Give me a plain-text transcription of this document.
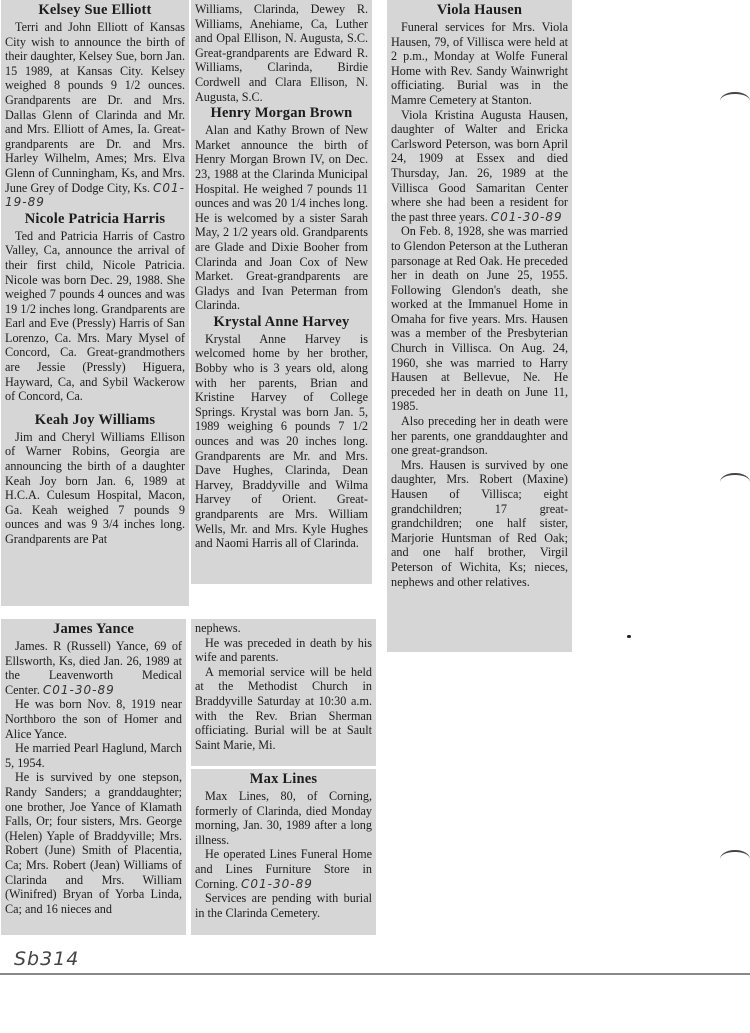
Kelsey Sue Elliott

Terri and John Elliott of Kansas City wish to announce the birth of their daughter, Kelsey Sue, born Jan. 15 1989, at Kansas City. Kelsey weighed 8 pounds 9 1/2 ounces. Grandparents are Dr. and Mrs. Dallas Glenn of Clarinda and Mr. and Mrs. Elliott of Ames, Ia. Great-grandparents are Dr. and Mrs. Harley Wilhelm, Ames; Mrs. Elva Glenn of Cunningham, Ks, and Mrs. June Grey of Dodge City, Ks. C01-19-89

Nicole Patricia Harris

Ted and Patricia Harris of Castro Valley, Ca, announce the arrival of their first child, Nicole Patricia. Nicole was born Dec. 29, 1988. She weighed 7 pounds 4 ounces and was 19 1/2 inches long. Grandparents are Earl and Eve (Pressly) Harris of San Lorenzo, Ca. Mrs. Mary Mysel of Concord, Ca. Great-grandmothers are Jessie (Pressly) Higuera, Hayward, Ca, and Sybil Wackerow of Concord, Ca.

Keah Joy Williams

Jim and Cheryl Williams Ellison of Warner Robins, Georgia are announcing the birth of a daughter Keah Joy born Jan. 6, 1989 at H.C.A. Culesum Hospital, Macon, Ga. Keah weighed 7 pounds 9 ounces and was 9 3/4 inches long. Grandparents are Pat

Williams, Clarinda, Dewey R. Williams, Anehiame, Ca, Luther and Opal Ellison, N. Augusta, S.C. Great-grandparents are Edward R. Williams, Clarinda, Birdie Cordwell and Clara Ellison, N. Augusta, S.C.

Henry Morgan Brown

Alan and Kathy Brown of New Market announce the birth of Henry Morgan Brown IV, on Dec. 23, 1988 at the Clarinda Municipal Hospital. He weighed 7 pounds 11 ounces and was 20 1/4 inches long. He is welcomed by a sister Sarah May, 2 1/2 years old. Grandparents are Glade and Dixie Booher from Clarinda and Joan Cox of New Market. Great-grandparents are Gladys and Ivan Peterman from Clarinda.

Krystal Anne Harvey

Krystal Anne Harvey is welcomed home by her brother, Bobby who is 3 years old, along with her parents, Brian and Kristine Harvey of College Springs. Krystal was born Jan. 5, 1989 weighing 6 pounds 7 1/2 ounces and was 20 inches long. Grandparents are Mr. and Mrs. Dave Hughes, Clarinda, Dean Harvey, Braddyville and Wilma Harvey of Orient. Great-grandparents are Mrs. William Wells, Mr. and Mrs. Kyle Hughes and Naomi Harris all of Clarinda.

Viola Hausen

Funeral services for Mrs. Viola Hausen, 79, of Villisca were held at 2 p.m., Monday at Wolfe Funeral Home with Rev. Sandy Wainwright officiating. Burial was in the Mamre Cemetery at Stanton.

Viola Kristina Augusta Hausen, daughter of Walter and Ericka Carlsword Peterson, was born April 24, 1909 at Essex and died Thursday, Jan. 26, 1989 at the Villisca Good Samaritan Center where she had been a resident for the past three years. C01-30-89

On Feb. 8, 1928, she was married to Glendon Peterson at the Lutheran parsonage at Red Oak. He preceded her in death on June 25, 1955. Following Glendon's death, she worked at the Immanuel Home in Omaha for five years. Mrs. Hausen was a member of the Presbyterian Church in Villisca. On Aug. 24, 1960, she was married to Harry Hausen at Bellevue, Ne. He preceded her in death on June 11, 1985.

Also preceding her in death were her parents, one granddaughter and one great-grandson.

Mrs. Hausen is survived by one daughter, Mrs. Robert (Maxine) Hausen of Villisca; eight grandchildren; 17 great-grandchildren; one half sister, Marjorie Huntsman of Red Oak; and one half brother, Virgil Peterson of Wichita, Ks; nieces, nephews and other relatives.

James Yance

James. R (Russell) Yance, 69 of Ellsworth, Ks, died Jan. 26, 1989 at the Leavenworth Medical Center. C01-30-89

He was born Nov. 8, 1919 near Northboro the son of Homer and Alice Yance.

He married Pearl Haglund, March 5, 1954.

He is survived by one stepson, Randy Sanders; a granddaughter; one brother, Joe Yance of Klamath Falls, Or; four sisters, Mrs. George (Helen) Yaple of Braddyville; Mrs. Robert (June) Smith of Placentia, Ca; Mrs. Robert (Jean) Williams of Clarinda and Mrs. William (Winifred) Bryan of Yorba Linda, Ca; and 16 nieces and

nephews.

He was preceded in death by his wife and parents.

A memorial service will be held at the Methodist Church in Braddyville Saturday at 10:30 a.m. with the Rev. Brian Sherman officiating. Burial will be at Sault Saint Marie, Mi.

Max Lines

Max Lines, 80, of Corning, formerly of Clarinda, died Monday morning, Jan. 30, 1989 after a long illness.

He operated Lines Funeral Home and Lines Furniture Store in Corning. C01-30-89

Services are pending with burial in the Clarinda Cemetery.

Sb314
